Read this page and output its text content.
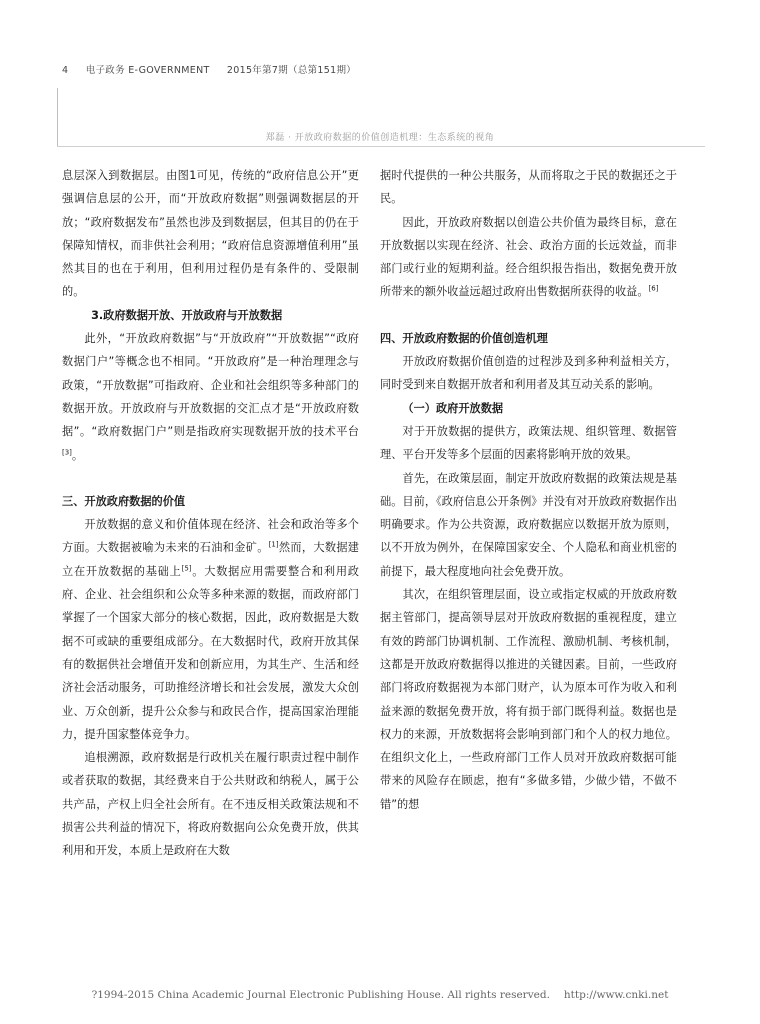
4 电子政务 E-GOVERNMENT 2015年第7期（总第151期）
郑磊 · 开放政府数据的价值创造机理：生态系统的视角

息层深入到数据层。由图1可见，传统的“政府信息公开”更强调信息层的公开，而“开放政府数据”则强调数据层的开放；“政府数据发布”虽然也涉及到数据层，但其目的仍在于保障知情权，而非供社会利用；“政府信息资源增值利用”虽然其目的也在于利用，但利用过程仍是有条件的、受限制的。

3.政府数据开放、开放政府与开放数据

此外，“开放政府数据”与“开放政府”“开放数据”“政府数据门户”等概念也不相同。“开放政府”是一种治理理念与政策，“开放数据”可指政府、企业和社会组织等多种部门的数据开放。开放政府与开放数据的交汇点才是“开放政府数据”。“政府数据门户”则是指政府实现数据开放的技术平台[3]。

三、开放政府数据的价值

开放数据的意义和价值体现在经济、社会和政治等多个方面。大数据被喻为未来的石油和金矿。[1]然而，大数据建立在开放数据的基础上[5]。大数据应用需要整合和利用政府、企业、社会组织和公众等多种来源的数据，而政府部门掌握了一个国家大部分的核心数据，因此，政府数据是大数据不可或缺的重要组成部分。在大数据时代，政府开放其保有的数据供社会增值开发和创新应用，为其生产、生活和经济社会活动服务，可助推经济增长和社会发展，激发大众创业、万众创新，提升公众参与和政民合作，提高国家治理能力，提升国家整体竞争力。

追根溯源，政府数据是行政机关在履行职责过程中制作或者获取的数据，其经费来自于公共财政和纳税人，属于公共产品，产权上归全社会所有。在不违反相关政策法规和不损害公共利益的情况下，将政府数据向公众免费开放，供其利用和开发，本质上是政府在大数

据时代提供的一种公共服务，从而将取之于民的数据还之于民。

因此，开放政府数据以创造公共价值为最终目标，意在开放数据以实现在经济、社会、政治方面的长远效益，而非部门或行业的短期利益。经合组织报告指出，数据免费开放所带来的额外收益远超过政府出售数据所获得的收益。[6]

四、开放政府数据的价值创造机理

开放政府数据价值创造的过程涉及到多种利益相关方，同时受到来自数据开放者和利用者及其互动关系的影响。

（一）政府开放数据

对于开放数据的提供方，政策法规、组织管理、数据管理、平台开发等多个层面的因素将影响开放的效果。

首先，在政策层面，制定开放政府数据的政策法规是基础。目前，《政府信息公开条例》并没有对开放政府数据作出明确要求。作为公共资源，政府数据应以数据开放为原则，以不开放为例外，在保障国家安全、个人隐私和商业机密的前提下，最大程度地向社会免费开放。

其次，在组织管理层面，设立或指定权威的开放政府数据主管部门，提高领导层对开放政府数据的重视程度，建立有效的跨部门协调机制、工作流程、激励机制、考核机制，这都是开放政府数据得以推进的关键因素。目前，一些政府部门将政府数据视为本部门财产，认为原本可作为收入和利益来源的数据免费开放，将有损于部门既得利益。数据也是权力的来源，开放数据将会影响到部门和个人的权力地位。在组织文化上，一些政府部门工作人员对开放政府数据可能带来的风险存在顾虑，抱有“多做多错，少做少错，不做不错”的想

?1994-2015 China Academic Journal Electronic Publishing House. All rights reserved. http://www.cnki.net
